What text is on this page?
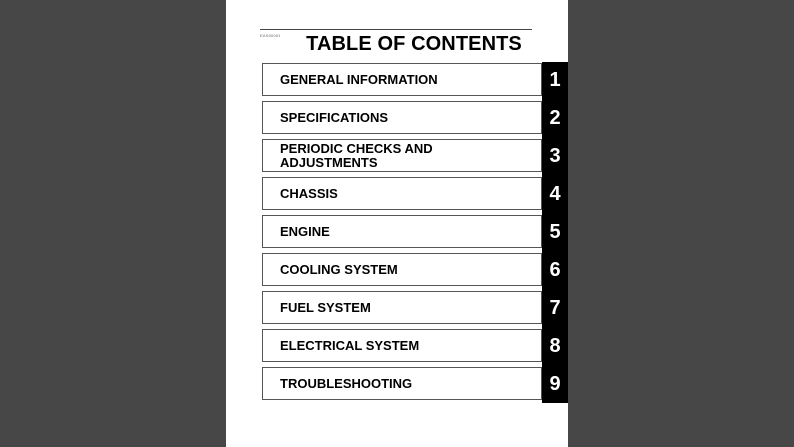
EAS00001	TABLE OF CONTENTS
GENERAL INFORMATION	1
SPECIFICATIONS	2
PERIODIC CHECKS AND
ADJUSTMENTS	3
CHASSIS	4
ENGINE	5
COOLING SYSTEM	6
FUEL SYSTEM	7
ELECTRICAL SYSTEM	8
TROUBLESHOOTING	9
